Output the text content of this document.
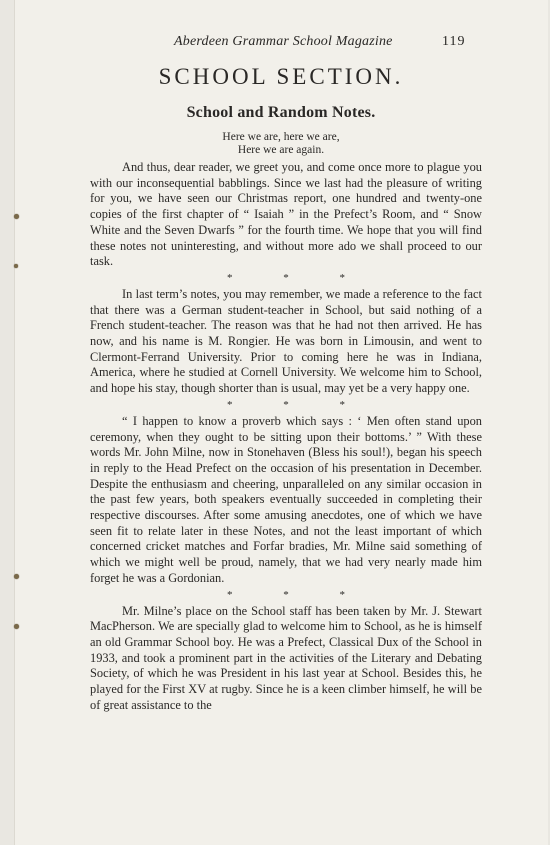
Aberdeen Grammar School Magazine	119
SCHOOL SECTION.
School and Random Notes.
Here we are, here we are,
Here we are again.

And thus, dear reader, we greet you, and come once more to plague you with our inconsequential babblings. Since we last had the pleasure of writing for you, we have seen our Christmas report, one hundred and twenty-one copies of the first chapter of “ Isaiah ” in the Prefect’s Room, and “ Snow White and the Seven Dwarfs ” for the fourth time. We hope that you will find these notes not uninteresting, and without more ado we shall proceed to our task.

* * *

In last term’s notes, you may remember, we made a reference to the fact that there was a German student-teacher in School, but said nothing of a French student-teacher. The reason was that he had not then arrived. He has now, and his name is M. Rongier. He was born in Limousin, and went to Clermont-Ferrand University. Prior to coming here he was in Indiana, America, where he studied at Cornell University. We welcome him to School, and hope his stay, though shorter than is usual, may yet be a very happy one.

* * *

“ I happen to know a proverb which says : ‘ Men often stand upon ceremony, when they ought to be sitting upon their bottoms.’ ” With these words Mr. John Milne, now in Stonehaven (Bless his soul!), began his speech in reply to the Head Prefect on the occasion of his presentation in December. Despite the enthusiasm and cheering, unparalleled on any similar occasion in the past few years, both speakers eventually succeeded in completing their respective discourses. After some amusing anecdotes, one of which we have seen fit to relate later in these Notes, and not the least important of which concerned cricket matches and Forfar bradies, Mr. Milne said something of which we might well be proud, namely, that we had very nearly made him forget he was a Gordonian.

* * *

Mr. Milne’s place on the School staff has been taken by Mr. J. Stewart MacPherson. We are specially glad to welcome him to School, as he is himself an old Grammar School boy. He was a Prefect, Classical Dux of the School in 1933, and took a prominent part in the activities of the Literary and Debating Society, of which he was President in his last year at School. Besides this, he played for the First XV at rugby. Since he is a keen climber himself, he will be of great assistance to the
